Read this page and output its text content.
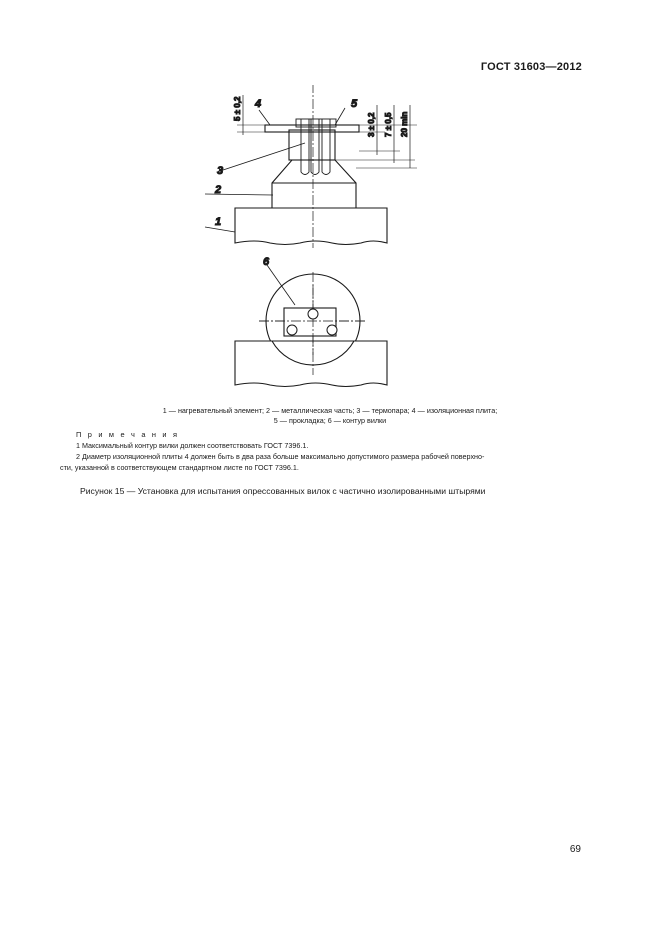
ГОСТ 31603—2012
5 ± 0,2
3 ± 0,2 7 ± 0,5 20 min
1
2
3
4	5
6
1 — нагревательный элемент; 2 — металлическая часть; 3 — термопара; 4 — изоляционная плита;
5 — прокладка; 6 — контур вилки
П р и м е ч а н и я
1 Максимальный контур вилки должен соответствовать ГОСТ 7396.1.
2 Диаметр изоляционной плиты 4 должен быть в два раза больше максимально допустимого размера рабочей поверхно-
сти, указанной в соответствующем стандартном листе по ГОСТ 7396.1.
Рисунок 15 — Установка для испытания опрессованных вилок с частично изолированными штырями
69
